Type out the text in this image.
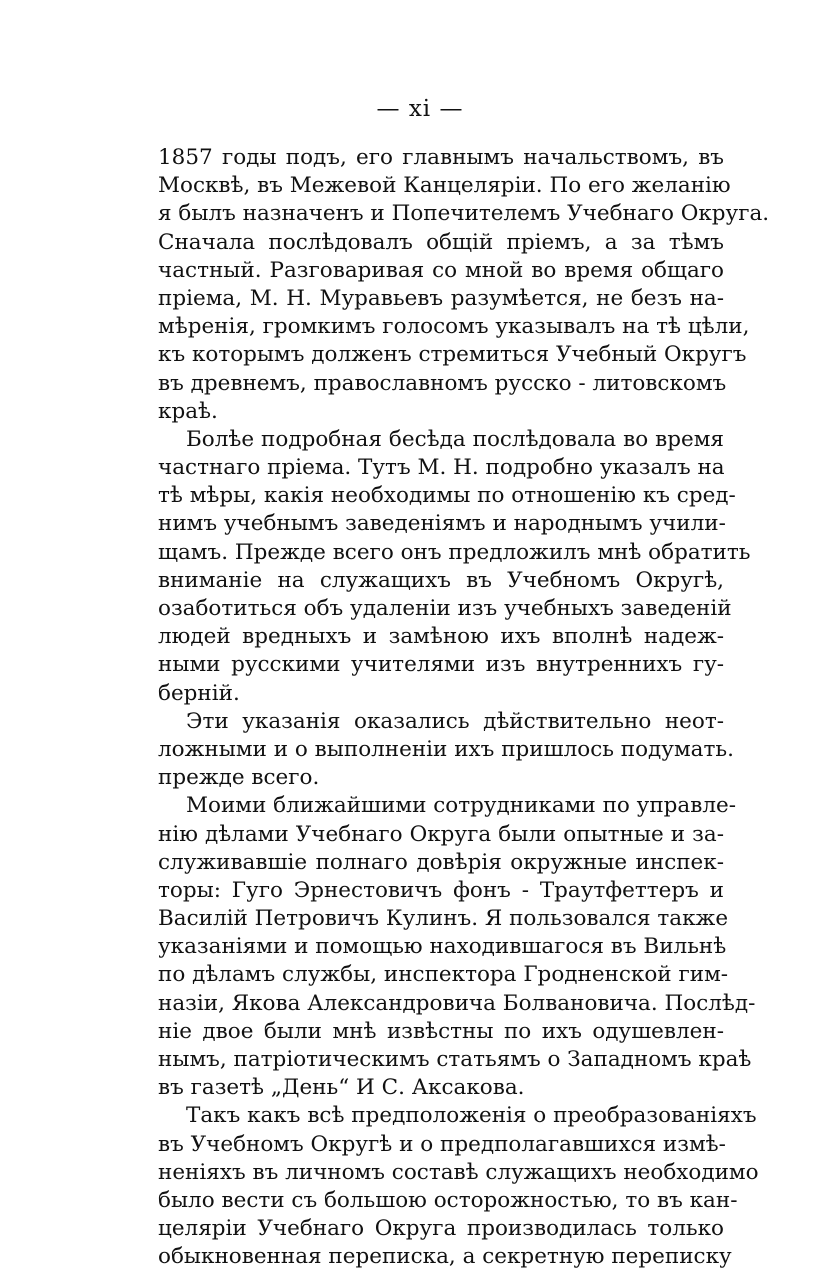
— xi —
1857 годы подъ, его главнымъ начальствомъ, въ
Москвѣ, въ Межевой Канцеляріи. По его желанію
я былъ назначенъ и Попечителемъ Учебнаго Округа.
Сначала послѣдовалъ общій пріемъ, а за тѣмъ
частный. Разговаривая со мной во время общаго
пріема, М. Н. Муравьевъ разумѣется, не безъ на-
мѣренія, громкимъ голосомъ указывалъ на тѣ цѣли,
къ которымъ долженъ стремиться Учебный Округъ
въ древнемъ, православномъ русско - литовскомъ
краѣ.
Болѣе подробная бесѣда послѣдовала во время
частнаго пріема. Тутъ М. Н. подробно указалъ на
тѣ мѣры, какія необходимы по отношенію къ сред-
нимъ учебнымъ заведеніямъ и народнымъ учили-
щамъ. Прежде всего онъ предложилъ мнѣ обратить
вниманіе на служащихъ въ Учебномъ Округѣ,
озаботиться объ удаленіи изъ учебныхъ заведеній
людей вредныхъ и замѣною ихъ вполнѣ надеж-
ными русскими учителями изъ внутреннихъ гу-
берній.
Эти указанія оказались дѣйствительно неот-
ложными и о выполненіи ихъ пришлось подумать.
прежде всего.
Моими ближайшими сотрудниками по управле-
нію дѣлами Учебнаго Округа были опытные и за-
служивавшіе полнаго довѣрія окружные инспек-
торы: Гуго Эрнестовичъ фонъ - Траутфеттеръ и
Василій Петровичъ Кулинъ. Я пользовался также
указаніями и помощью находившагося въ Вильнѣ
по дѣламъ службы, инспектора Гродненской гим-
назіи, Якова Александровича Болвановича. Послѣд-
ніе двое были мнѣ извѣстны по ихъ одушевлен-
нымъ, патріотическимъ статьямъ о Западномъ краѣ
въ газетѣ „День“ И С. Аксакова.
Такъ какъ всѣ предположенія о преобразованіяхъ
въ Учебномъ Округѣ и о предполагавшихся измѣ-
неніяхъ въ личномъ составѣ служащихъ необходимо
было вести съ большою осторожностью, то въ кан-
целяріи Учебнаго Округа производилась только
обыкновенная переписка, а секретную переписку
